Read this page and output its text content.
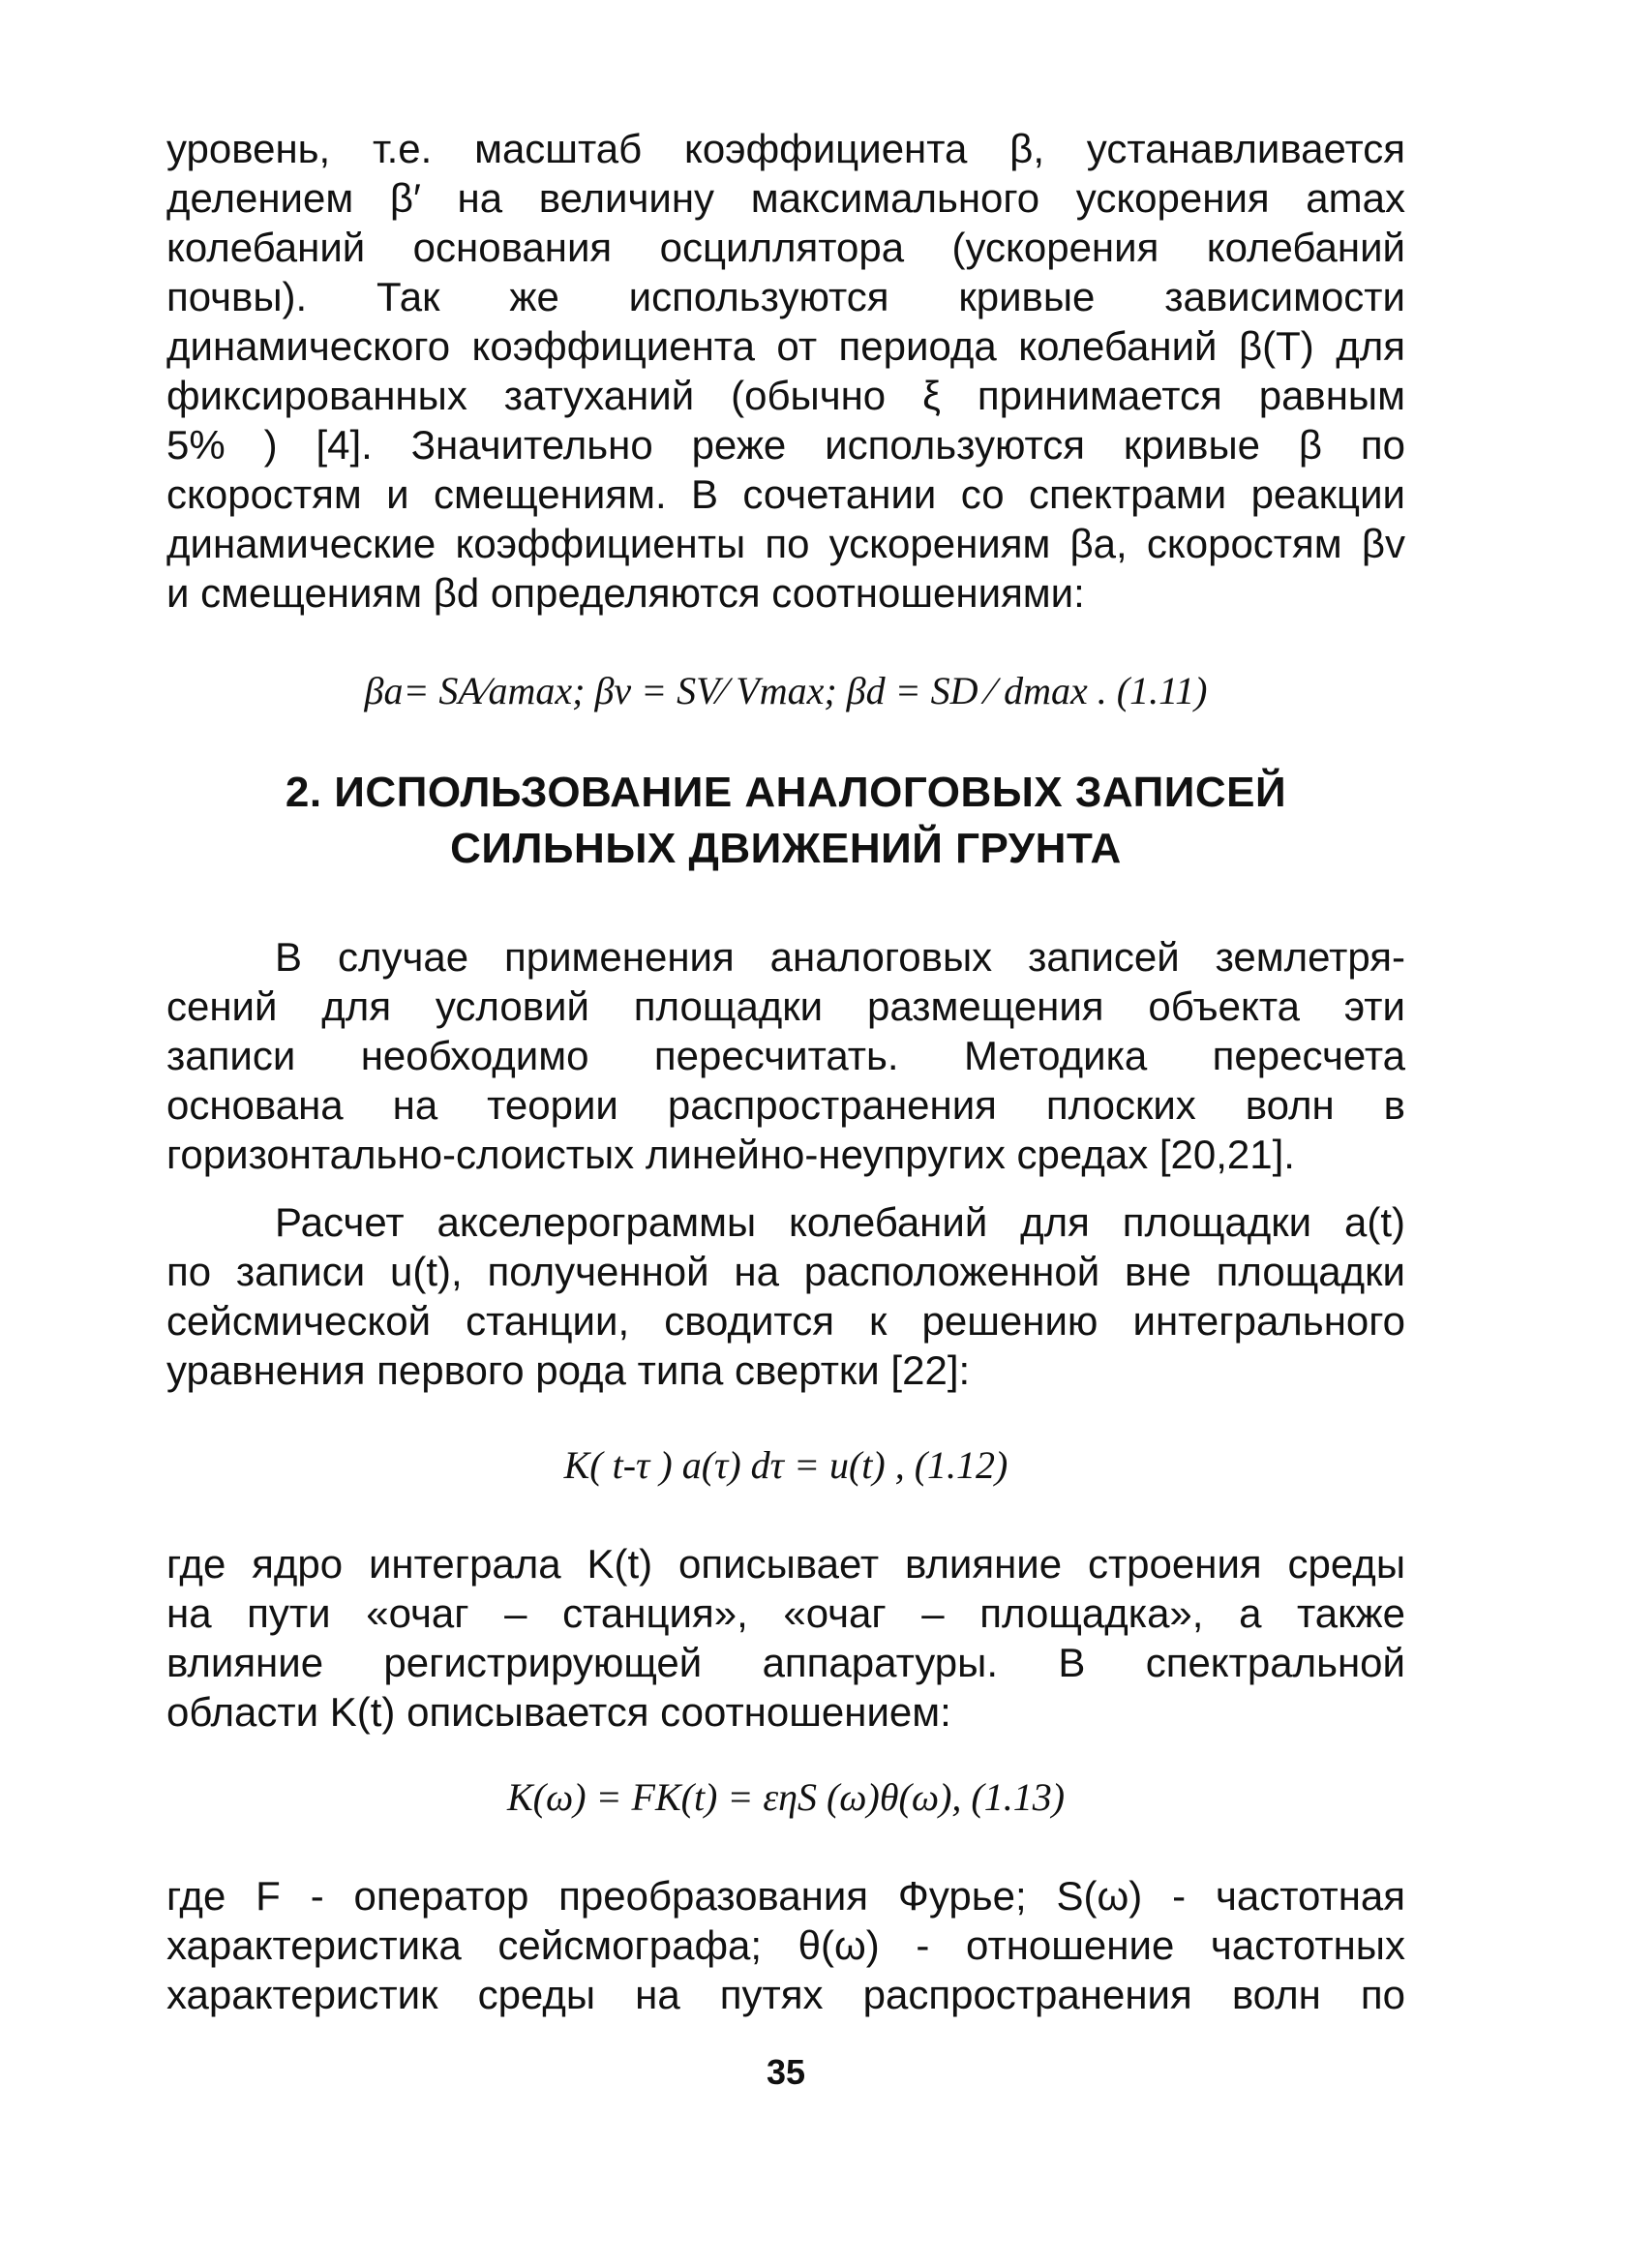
уровень, т.е. масштаб коэффициента β, устанавливается
делением β′ на величину максимального ускорения amax
колебаний основания осциллятора (ускорения колебаний
почвы). Так же используются кривые зависимости
динамического коэффициента от периода колебаний β(T) для
фиксированных затуханий (обычно ξ принимается равным
5% ) [4]. Значительно реже используются кривые β по
скоростям и смещениям. В сочетании со спектрами реакции
динамические коэффициенты по ускорениям βa, скоростям βv
и смещениям βd определяются соотношениями:
βa= SA⁄amax; βv = SV⁄ Vmax; βd = SD ⁄ dmax . (1.11)
2. ИСПОЛЬЗОВАНИЕ АНАЛОГОВЫХ ЗАПИСЕЙ
СИЛЬНЫХ ДВИЖЕНИЙ ГРУНТА
В случае применения аналоговых записей землетря-
сений для условий площадки размещения объекта эти
записи необходимо пересчитать. Методика пересчета
основана на теории распространения плоских волн в
горизонтально-слоистых линейно-неупругих средах [20,21].
Расчет акселерограммы колебаний для площадки a(t)
по записи u(t), полученной на расположенной вне площадки
сейсмической станции, сводится к решению интегрального
уравнения первого рода типа свертки [22]:
K( t-τ ) a(τ) dτ = u(t) , (1.12)
где ядро интеграла K(t) описывает влияние строения среды
на пути «очаг – станция», «очаг – площадка», а также
влияние регистрирующей аппаратуры. В спектральной
области K(t) описывается соотношением:
K(ω) = FK(t) = εηS (ω)θ(ω), (1.13)
где F - оператор преобразования Фурье; S(ω) - частотная
характеристика сейсмографа; θ(ω) - отношение частотных
характеристик среды на путях распространения волн по
35
